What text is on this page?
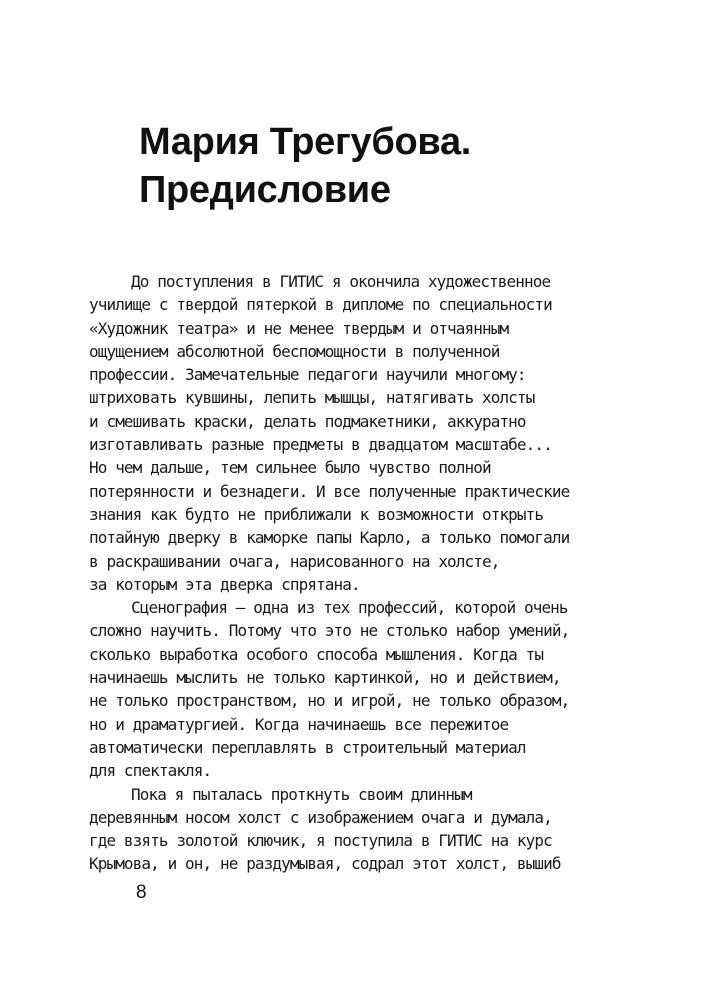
Мария Трегубова.
Предисловие
До поступления в ГИТИС я окончила художественное
училище с твердой пятеркой в дипломе по специальности
«Художник театра» и не менее твердым и отчаянным
ощущением абсолютной беспомощности в полученной
профессии. Замечательные педагоги научили многому:
штриховать кувшины, лепить мышцы, натягивать холсты
и смешивать краски, делать подмакетники, аккуратно
изготавливать разные предметы в двадцатом масштабе...
Но чем дальше, тем сильнее было чувство полной
потерянности и безнадеги. И все полученные практические
знания как будто не приближали к возможности открыть
потайную дверку в каморке папы Карло, а только помогали
в раскрашивании очага, нарисованного на холсте,
за которым эта дверка спрятана.
Сценография — одна из тех профессий, которой очень
сложно научить. Потому что это не столько набор умений,
сколько выработка особого способа мышления. Когда ты
начинаешь мыслить не только картинкой, но и действием,
не только пространством, но и игрой, не только образом,
но и драматургией. Когда начинаешь все пережитое
автоматически переплавлять в строительный материал
для спектакля.
Пока я пыталась проткнуть своим длинным
деревянным носом холст с изображением очага и думала,
где взять золотой ключик, я поступила в ГИТИС на курс
Крымова, и он, не раздумывая, содрал этот холст, вышиб
8
